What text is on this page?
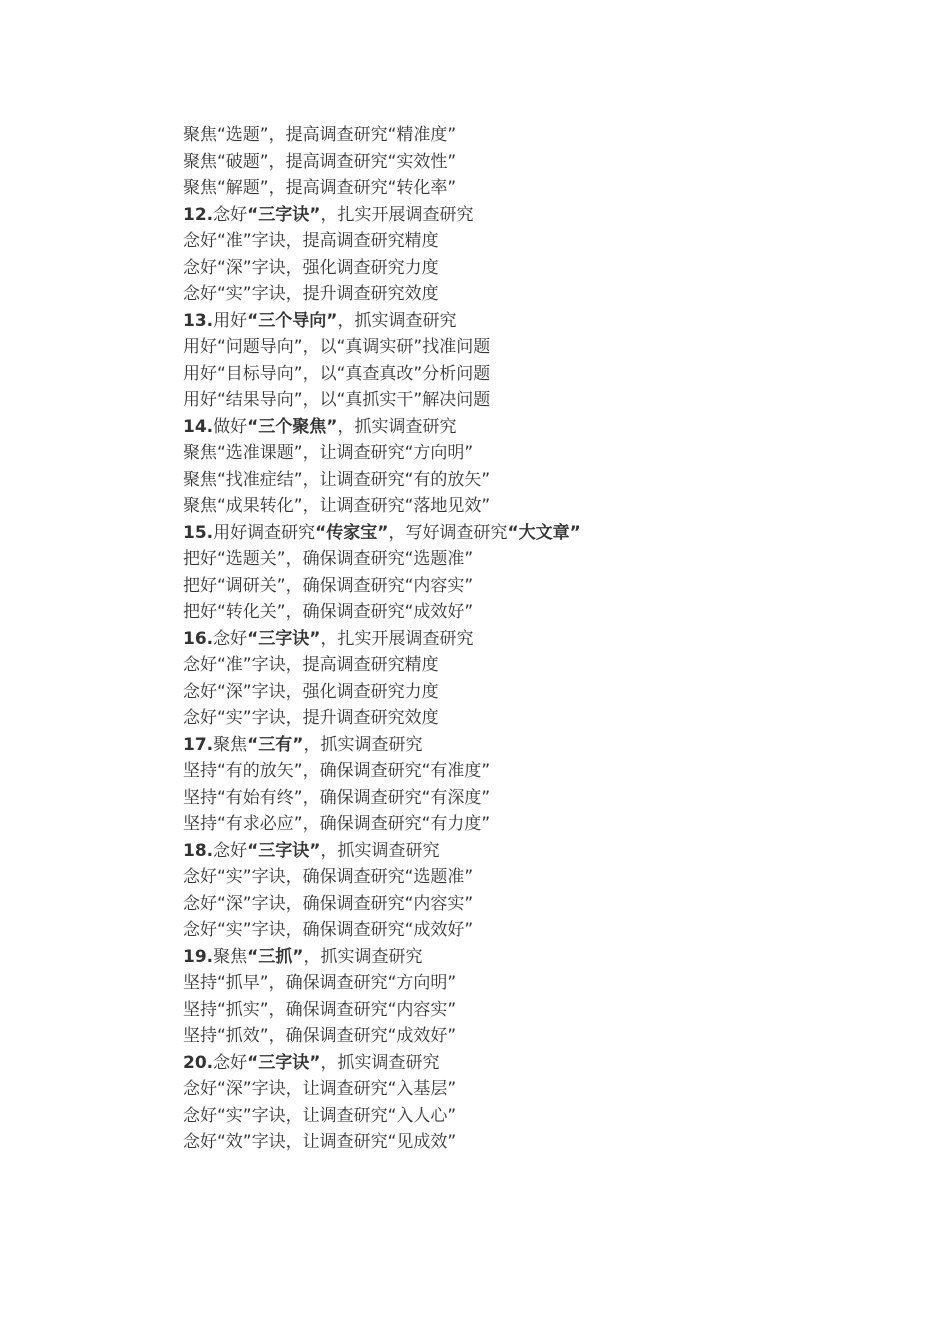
聚焦“选题”，提高调查研究“精准度”
聚焦“破题”，提高调查研究“实效性”
聚焦“解题”，提高调查研究“转化率”
12.念好“三字诀”，扎实开展调查研究
念好“准”字诀，提高调查研究精度
念好“深”字诀，强化调查研究力度
念好“实”字诀，提升调查研究效度
13.用好“三个导向”，抓实调查研究
用好“问题导向”，以“真调实研”找准问题
用好“目标导向”，以“真查真改”分析问题
用好“结果导向”，以“真抓实干”解决问题
14.做好“三个聚焦”，抓实调查研究
聚焦“选准课题”，让调查研究“方向明”
聚焦“找准症结”，让调查研究“有的放矢”
聚焦“成果转化”，让调查研究“落地见效”
15.用好调查研究“传家宝”，写好调查研究“大文章”
把好“选题关”，确保调查研究“选题准”
把好“调研关”，确保调查研究“内容实”
把好“转化关”，确保调查研究“成效好”
16.念好“三字诀”，扎实开展调查研究
念好“准”字诀，提高调查研究精度
念好“深”字诀，强化调查研究力度
念好“实”字诀，提升调查研究效度
17.聚焦“三有”，抓实调查研究
坚持“有的放矢”，确保调查研究“有准度”
坚持“有始有终”，确保调查研究“有深度”
坚持“有求必应”，确保调查研究“有力度”
18.念好“三字诀”，抓实调查研究
念好“实”字诀，确保调查研究“选题准”
念好“深”字诀，确保调查研究“内容实”
念好“实”字诀，确保调查研究“成效好”
19.聚焦“三抓”，抓实调查研究
坚持“抓早”，确保调查研究“方向明”
坚持“抓实”，确保调查研究“内容实”
坚持“抓效”，确保调查研究“成效好”
20.念好“三字诀”，抓实调查研究
念好“深”字诀，让调查研究“入基层”
念好“实”字诀，让调查研究“入人心”
念好“效”字诀，让调查研究“见成效”
